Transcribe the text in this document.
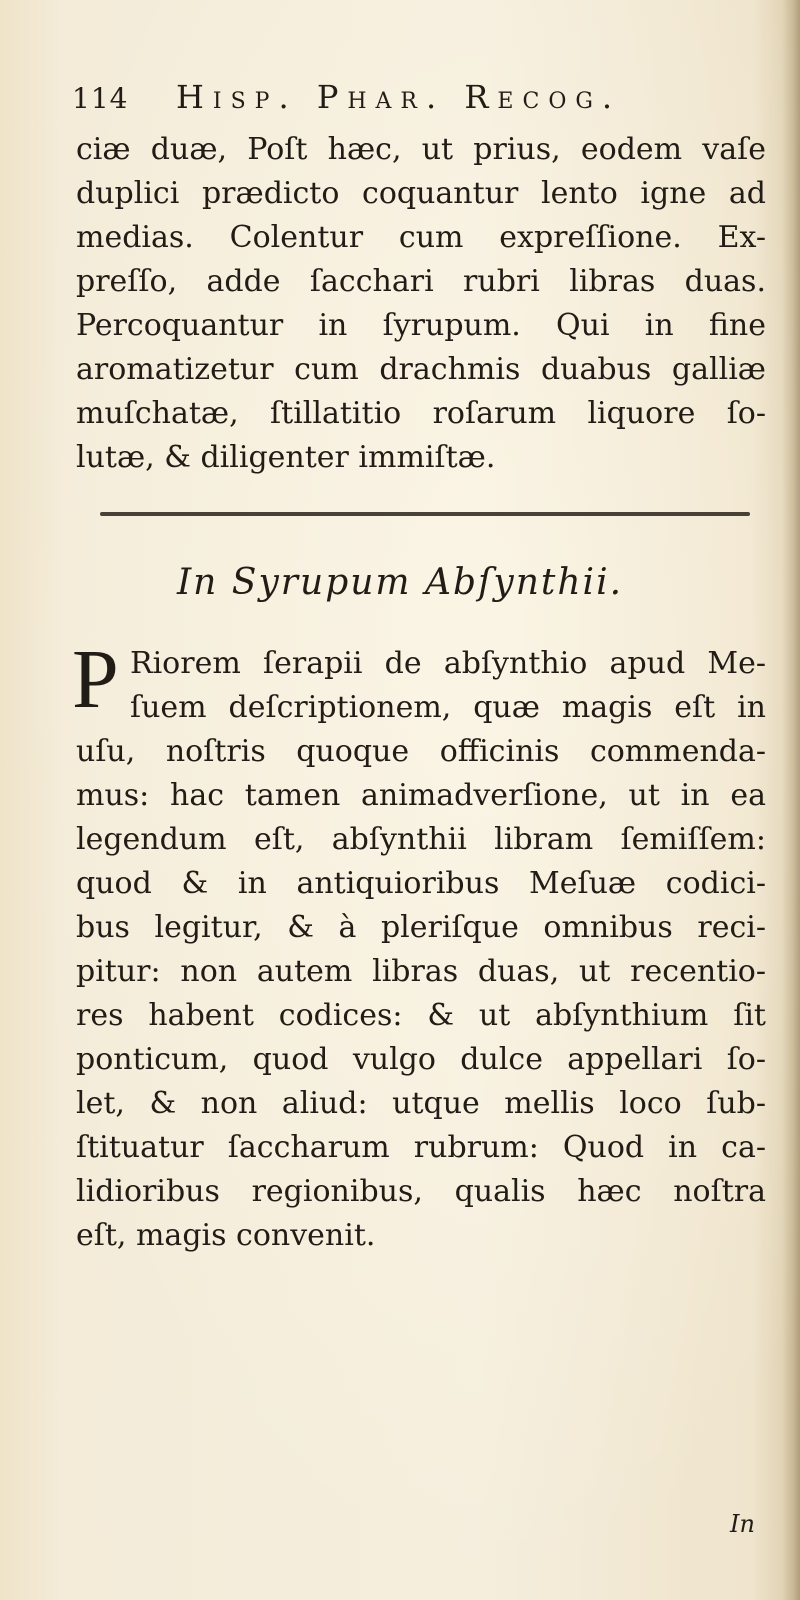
114 Hisp. Phar. Recog.
ciæ duæ, Poſt hæc, ut prius, eodem vaſe
duplici prædicto coquantur lento igne ad
medias. Colentur cum expreſſione. Ex-
preſſo, adde ſacchari rubri libras duas.
Percoquantur in ſyrupum. Qui in fine
aromatizetur cum drachmis duabus galliæ
muſchatæ, ſtillatitio roſarum liquore ſo-
lutæ, & diligenter immiſtæ.
In Syrupum Abſynthii.
P Riorem ſerapii de abſynthio apud Me-
ſuem deſcriptionem, quæ magis eſt in
uſu, noſtris quoque officinis commenda-
mus: hac tamen animadverſione, ut in ea
legendum eſt, abſynthii libram ſemiſſem:
quod & in antiquioribus Meſuæ codici-
bus legitur, & à pleriſque omnibus reci-
pitur: non autem libras duas, ut recentio-
res habent codices: & ut abſynthium ſit
ponticum, quod vulgo dulce appellari ſo-
let, & non aliud: utque mellis loco ſub-
ſtituatur ſaccharum rubrum: Quod in ca-
lidioribus regionibus, qualis hæc noſtra
eſt, magis convenit.
In
